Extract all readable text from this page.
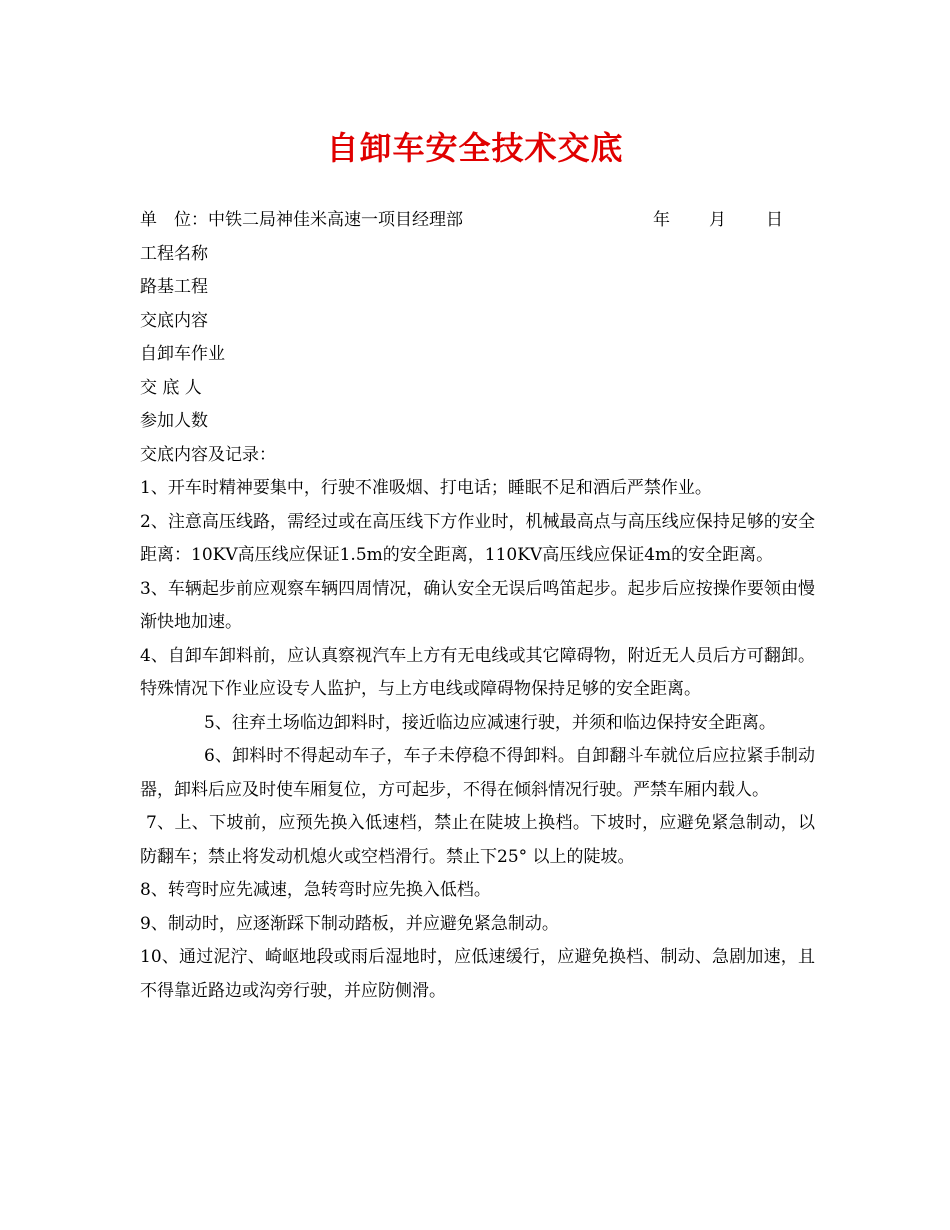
自卸车安全技术交底
单　位：中铁二局神佳米高速一项目经理部	年 月 日
工程名称
路基工程
交底内容
自卸车作业
交 底 人
参加人数
交底内容及记录：
1、开车时精神要集中，行驶不准吸烟、打电话；睡眠不足和酒后严禁作业。
2、注意高压线路，需经过或在高压线下方作业时，机械最高点与高压线应保持足够的安全距离：10KV高压线应保证1.5m的安全距离，110KV高压线应保证4m的安全距离。
3、车辆起步前应观察车辆四周情况，确认安全无误后鸣笛起步。起步后应按操作要领由慢渐快地加速。
4、自卸车卸料前，应认真察视汽车上方有无电线或其它障碍物，附近无人员后方可翻卸。特殊情况下作业应设专人监护，与上方电线或障碍物保持足够的安全距离。
5、往弃土场临边卸料时，接近临边应减速行驶，并须和临边保持安全距离。
6、卸料时不得起动车子，车子未停稳不得卸料。自卸翻斗车就位后应拉紧手制动器，卸料后应及时使车厢复位，方可起步，不得在倾斜情况行驶。严禁车厢内载人。
7、上、下坡前，应预先换入低速档，禁止在陡坡上换档。下坡时，应避免紧急制动，以防翻车；禁止将发动机熄火或空档滑行。禁止下25° 以上的陡坡。
8、转弯时应先减速，急转弯时应先换入低档。
9、制动时，应逐渐踩下制动踏板，并应避免紧急制动。
10、通过泥泞、崎岖地段或雨后湿地时，应低速缓行，应避免换档、制动、急剧加速，且不得靠近路边或沟旁行驶，并应防侧滑。
